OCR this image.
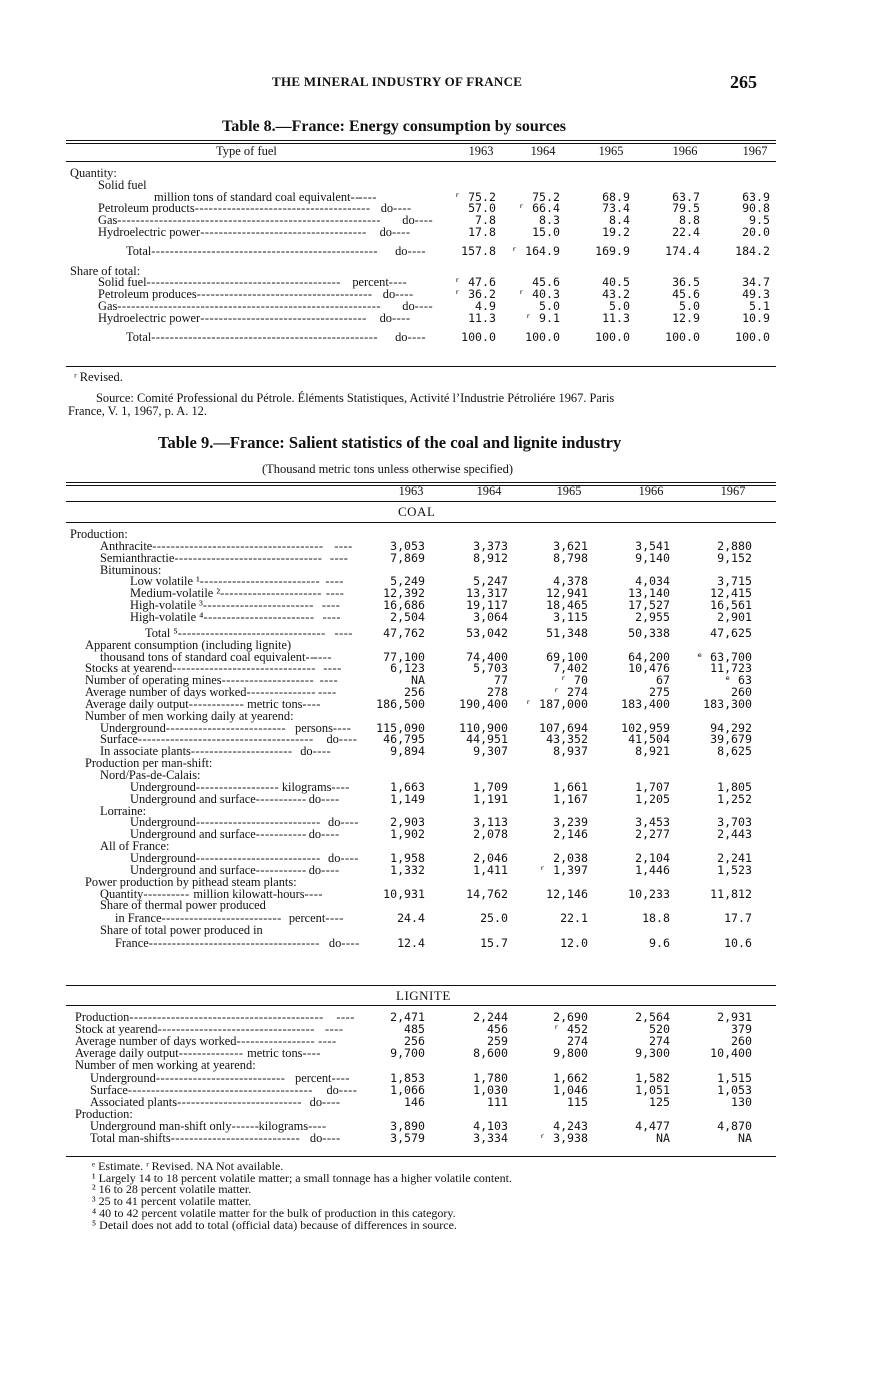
THE MINERAL INDUSTRY OF FRANCE	265
Table 8.—France: Energy consumption by sources
Type of fuel	1963	1964	1965	1966	1967
Quantity:
Solid fuel
million tons of standard coal equivalent------	ʳ 75.2	75.2	68.9	63.7	63.9
Petroleum products-------------------------------------- do----	57.0	ʳ 66.4	73.4	79.5	90.8
Gas--------------------------------------------------------- do----	7.8	8.3	8.4	8.8	9.5
Hydroelectric power------------------------------------ do----	17.8	15.0	19.2	22.4	20.0
Total------------------------------------------------- do----	157.8	ʳ 164.9	169.9	174.4	184.2
Share of total:
Solid fuel------------------------------------------ percent----	ʳ 47.6	45.6	40.5	36.5	34.7
Petroleum produces-------------------------------------- do----	ʳ 36.2	ʳ 40.3	43.2	45.6	49.3
Gas--------------------------------------------------------- do----	4.9	5.0	5.0	5.0	5.1
Hydroelectric power------------------------------------ do----	11.3	ʳ 9.1	11.3	12.9	10.9
Total------------------------------------------------- do----	100.0	100.0	100.0	100.0	100.0
ʳ Revised.
Source: Comité Professional du Pétrole. Éléments Statistiques, Activité l’Industrie Pétroliére 1967. Paris
France, V. 1, 1967, p. A. 12.
Table 9.—France: Salient statistics of the coal and lignite industry
(Thousand metric tons unless otherwise specified)
1963	1964	1965	1966	1967
COAL
Production:
Anthracite------------------------------------- ----	3,053	3,373	3,621	3,541	2,880
Semianthractie-------------------------------- ----	7,869	8,912	8,798	9,140	9,152
Bituminous:
Low volatile ¹-------------------------- ----	5,249	5,247	4,378	4,034	3,715
Medium-volatile ²---------------------- ----	12,392	13,317	12,941	13,140	12,415
High-volatile ³------------------------ ----	16,686	19,117	18,465	17,527	16,561
High-volatile ⁴------------------------ ----	2,504	3,064	3,115	2,955	2,901
Total ⁵-------------------------------- ----	47,762	53,042	51,348	50,338	47,625
Apparent consumption (including lignite)
thousand tons of standard coal equivalent------	77,100	74,400	69,100	64,200	ᵉ 63,700
Stocks at yearend------------------------------- ----	6,123	5,703	7,402	10,476	11,723
Number of operating mines-------------------- ----	NA	77	ʳ 70	67	ᵉ 63
Average number of days worked--------------- ----	256	278	ʳ 274	275	260
Average daily output------------ metric tons----	186,500	190,400	ʳ 187,000	183,400	183,300
Number of men working daily at yearend:
Underground-------------------------- persons----	115,090	110,900	107,694	102,959	94,292
Surface-------------------------------------- do----	46,795	44,951	43,352	41,504	39,679
In associate plants---------------------- do----	9,894	9,307	8,937	8,921	8,625
Production per man-shift:
Nord/Pas-de-Calais:
Underground------------------ kilograms----	1,663	1,709	1,661	1,707	1,805
Underground and surface----------- do----	1,149	1,191	1,167	1,205	1,252
Lorraine:
Underground--------------------------- do----	2,903	3,113	3,239	3,453	3,703
Underground and surface----------- do----	1,902	2,078	2,146	2,277	2,443
All of France:
Underground--------------------------- do----	1,958	2,046	2,038	2,104	2,241
Underground and surface----------- do----	1,332	1,411	ʳ 1,397	1,446	1,523
Power production by pithead steam plants:
Quantity---------- million kilowatt-hours----	10,931	14,762	12,146	10,233	11,812
Share of thermal power produced
in France-------------------------- percent----	24.4	25.0	22.1	18.8	17.7
Share of total power produced in
France------------------------------------- do----	12.4	15.7	12.0	9.6	10.6
LIGNITE
Production------------------------------------------ ----	2,471	2,244	2,690	2,564	2,931
Stock at yearend---------------------------------- ----	485	456	ʳ 452	520	379
Average number of days worked----------------- ----	256	259	274	274	260
Average daily output-------------- metric tons----	9,700	8,600	9,800	9,300	10,400
Number of men working at yearend:
Underground---------------------------- percent----	1,853	1,780	1,662	1,582	1,515
Surface---------------------------------------- do----	1,066	1,030	1,046	1,051	1,053
Associated plants--------------------------- do----	146	111	115	125	130
Production:
Underground man-shift only------kilograms----	3,890	4,103	4,243	4,477	4,870
Total man-shifts---------------------------- do----	3,579	3,334	ʳ 3,938	NA	NA
ᵉ Estimate. ʳ Revised. NA Not available.
¹ Largely 14 to 18 percent volatile matter; a small tonnage has a higher volatile content.
² 16 to 28 percent volatile matter.
³ 25 to 41 percent volatile matter.
⁴ 40 to 42 percent volatile matter for the bulk of production in this category.
⁵ Detail does not add to total (official data) because of differences in source.
